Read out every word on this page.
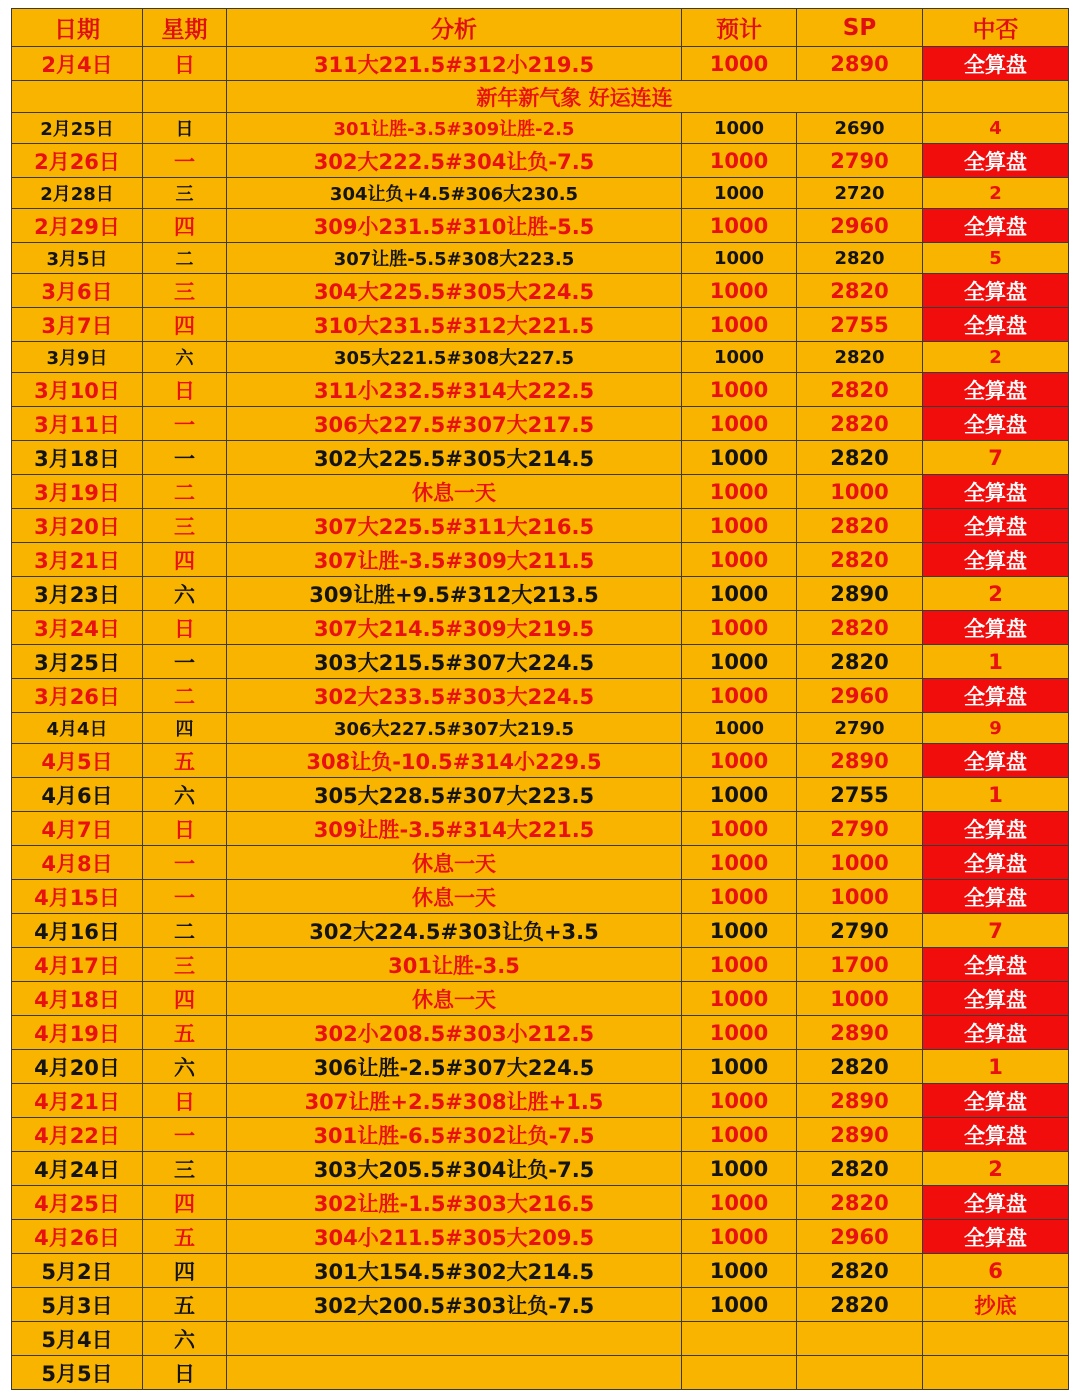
日期	星期	分析	预计	SP	中否
2月4日	日	311大221.5#312小219.5	1000	2890	全算盘
		新年新气象 好运连连			
2月25日	日	301让胜-3.5#309让胜-2.5	1000	2690	4
2月26日	一	302大222.5#304让负-7.5	1000	2790	全算盘
2月28日	三	304让负+4.5#306大230.5	1000	2720	2
2月29日	四	309小231.5#310让胜-5.5	1000	2960	全算盘
3月5日	二	307让胜-5.5#308大223.5	1000	2820	5
3月6日	三	304大225.5#305大224.5	1000	2820	全算盘
3月7日	四	310大231.5#312大221.5	1000	2755	全算盘
3月9日	六	305大221.5#308大227.5	1000	2820	2
3月10日	日	311小232.5#314大222.5	1000	2820	全算盘
3月11日	一	306大227.5#307大217.5	1000	2820	全算盘
3月18日	一	302大225.5#305大214.5	1000	2820	7
3月19日	二	休息一天	1000	1000	全算盘
3月20日	三	307大225.5#311大216.5	1000	2820	全算盘
3月21日	四	307让胜-3.5#309大211.5	1000	2820	全算盘
3月23日	六	309让胜+9.5#312大213.5	1000	2890	2
3月24日	日	307大214.5#309大219.5	1000	2820	全算盘
3月25日	一	303大215.5#307大224.5	1000	2820	1
3月26日	二	302大233.5#303大224.5	1000	2960	全算盘
4月4日	四	306大227.5#307大219.5	1000	2790	9
4月5日	五	308让负-10.5#314小229.5	1000	2890	全算盘
4月6日	六	305大228.5#307大223.5	1000	2755	1
4月7日	日	309让胜-3.5#314大221.5	1000	2790	全算盘
4月8日	一	休息一天	1000	1000	全算盘
4月15日	一	休息一天	1000	1000	全算盘
4月16日	二	302大224.5#303让负+3.5	1000	2790	7
4月17日	三	301让胜-3.5	1000	1700	全算盘
4月18日	四	休息一天	1000	1000	全算盘
4月19日	五	302小208.5#303小212.5	1000	2890	全算盘
4月20日	六	306让胜-2.5#307大224.5	1000	2820	1
4月21日	日	307让胜+2.5#308让胜+1.5	1000	2890	全算盘
4月22日	一	301让胜-6.5#302让负-7.5	1000	2890	全算盘
4月24日	三	303大205.5#304让负-7.5	1000	2820	2
4月25日	四	302让胜-1.5#303大216.5	1000	2820	全算盘
4月26日	五	304小211.5#305大209.5	1000	2960	全算盘
5月2日	四	301大154.5#302大214.5	1000	2820	6
5月3日	五	302大200.5#303让负-7.5	1000	2820	抄底
5月4日	六				
5月5日	日				
